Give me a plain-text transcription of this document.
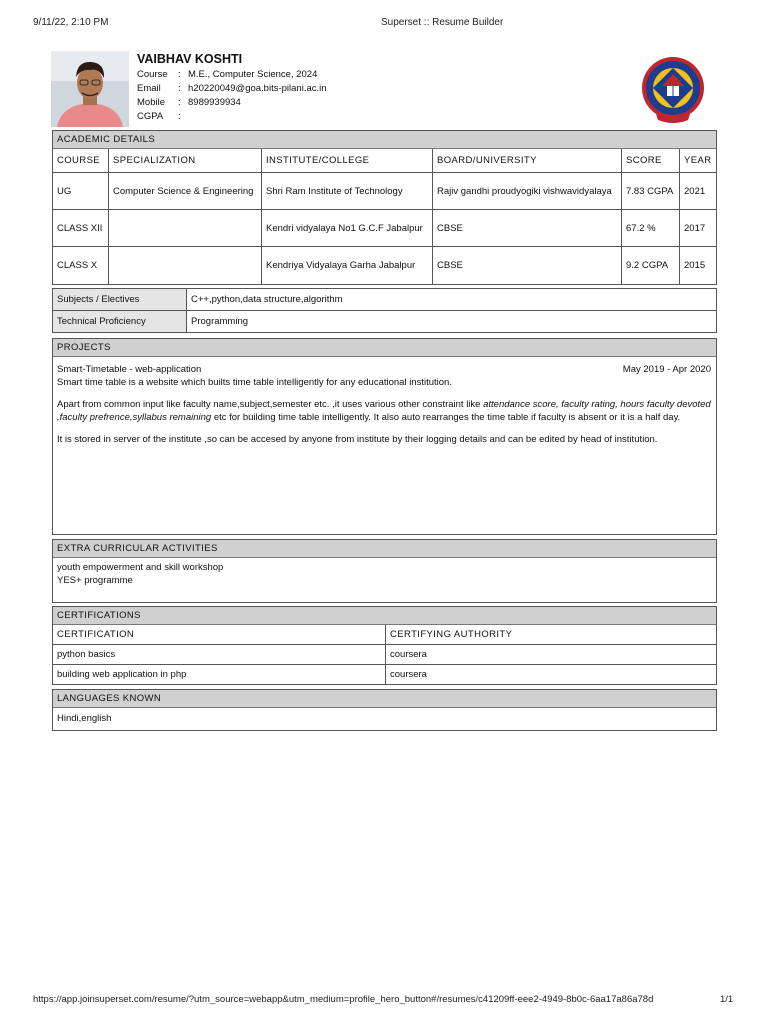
9/11/22, 2:10 PM	Superset :: Resume Builder
https://app.joinsuperset.com/resume/?utm_source=webapp&utm_medium=profile_hero_button#/resumes/c41209ff-eee2-4949-8b0c-6aa17a86a78d	1/1
VAIBHAV KOSHTI
Course	: M.E., Computer Science, 2024
Email	: h20220049@goa.bits-pilani.ac.in
Mobile	: 8989939934
CGPA	:
ACADEMIC DETAILS
COURSE	SPECIALIZATION	INSTITUTE/COLLEGE	BOARD/UNIVERSITY	SCORE	YEAR
UG	Computer Science & Engineering	Shri Ram Institute of Technology	Rajiv gandhi proudyogiki vishwavidyalaya	7.83 CGPA	2021
CLASS XII		Kendri vidyalaya No1 G.C.F Jabalpur	CBSE	67.2 %	2017
CLASS X		Kendriya Vidyalaya Garha Jabalpur	CBSE	9.2 CGPA	2015
Subjects / Electives	C++,python,data structure,algorithm
Technical Proficiency	Programming
PROJECTS
Smart-Timetable - web-application	May 2019 - Apr 2020

Smart time table is a website which builts time table intelligently for any educational institution.

Apart from common input like faculty name,subject,semester etc. ,it uses various other constraint like attendance score, faculty rating, hours faculty devoted ,faculty prefrence,syllabus remaining etc for building time table intelligently. It also auto rearranges the time table if faculty is absent or it is a half day.

It is stored in server of the institute ,so can be accesed by anyone from institute by their logging details and can be edited by head of institution.

EXTRA CURRICULAR ACTIVITIES
youth empowerment and skill workshop
YES+ programme
CERTIFICATIONS
CERTIFICATION	CERTIFYING AUTHORITY
python basics	coursera
building web application in php	coursera
LANGUAGES KNOWN
Hindi,english
